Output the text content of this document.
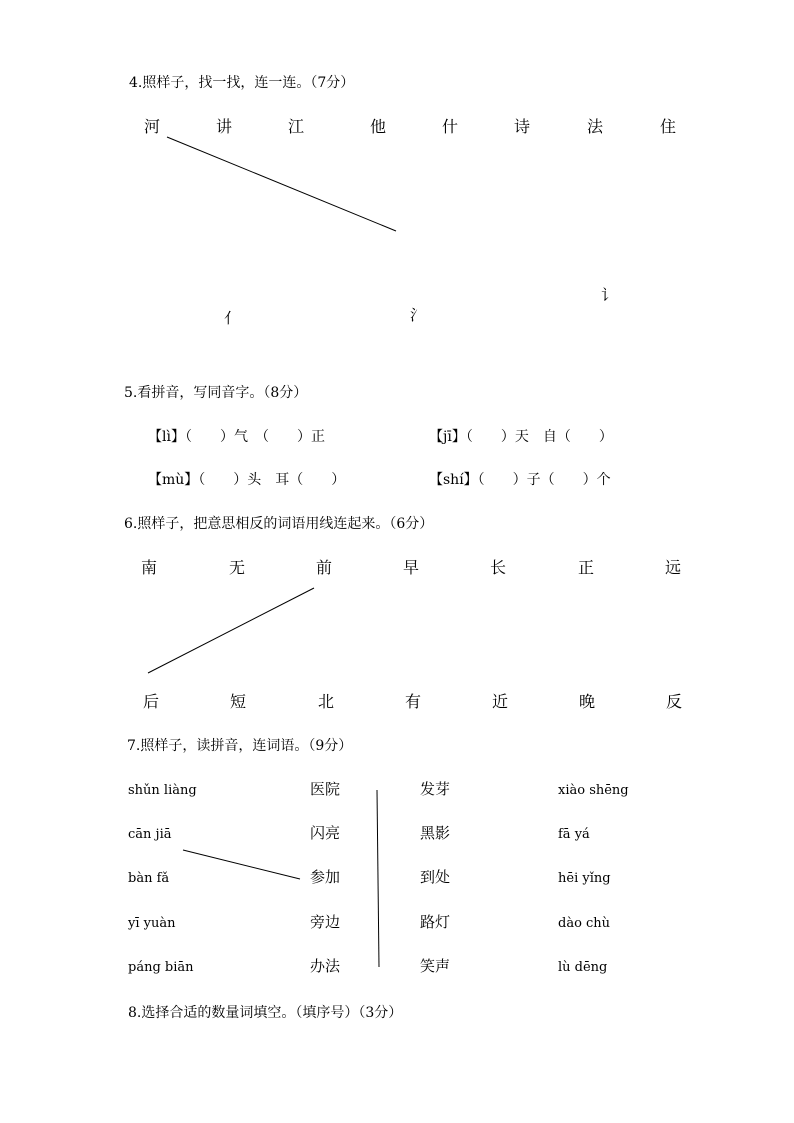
4.照样子，找一找，连一连。（7分）
河	讲	江	他	什	诗	法	住
亻	氵
讠
5.看拼音，写同音字。（8分）
【lì】（　　）气　（　　）正	【jī】（　　）天　自（　　）
【mù】（　　）头　耳（　　）	【shí】（　　）子（　　）个
6.照样子，把意思相反的词语用线连起来。（6分）
南	无	前	早	长	正	远
后	短	北	有	近	晚	反
7.照样子，读拼音，连词语。（9分）
shǔn liàng
cān jiā
bàn fǎ
yī yuàn
páng biān
医院
闪亮
参加
旁边
办法
发芽
黑影
到处
路灯
笑声
xiào shēng
fā yá
hēi yǐng
dào chù
lù dēng
8.选择合适的数量词填空。（填序号）（3分）
